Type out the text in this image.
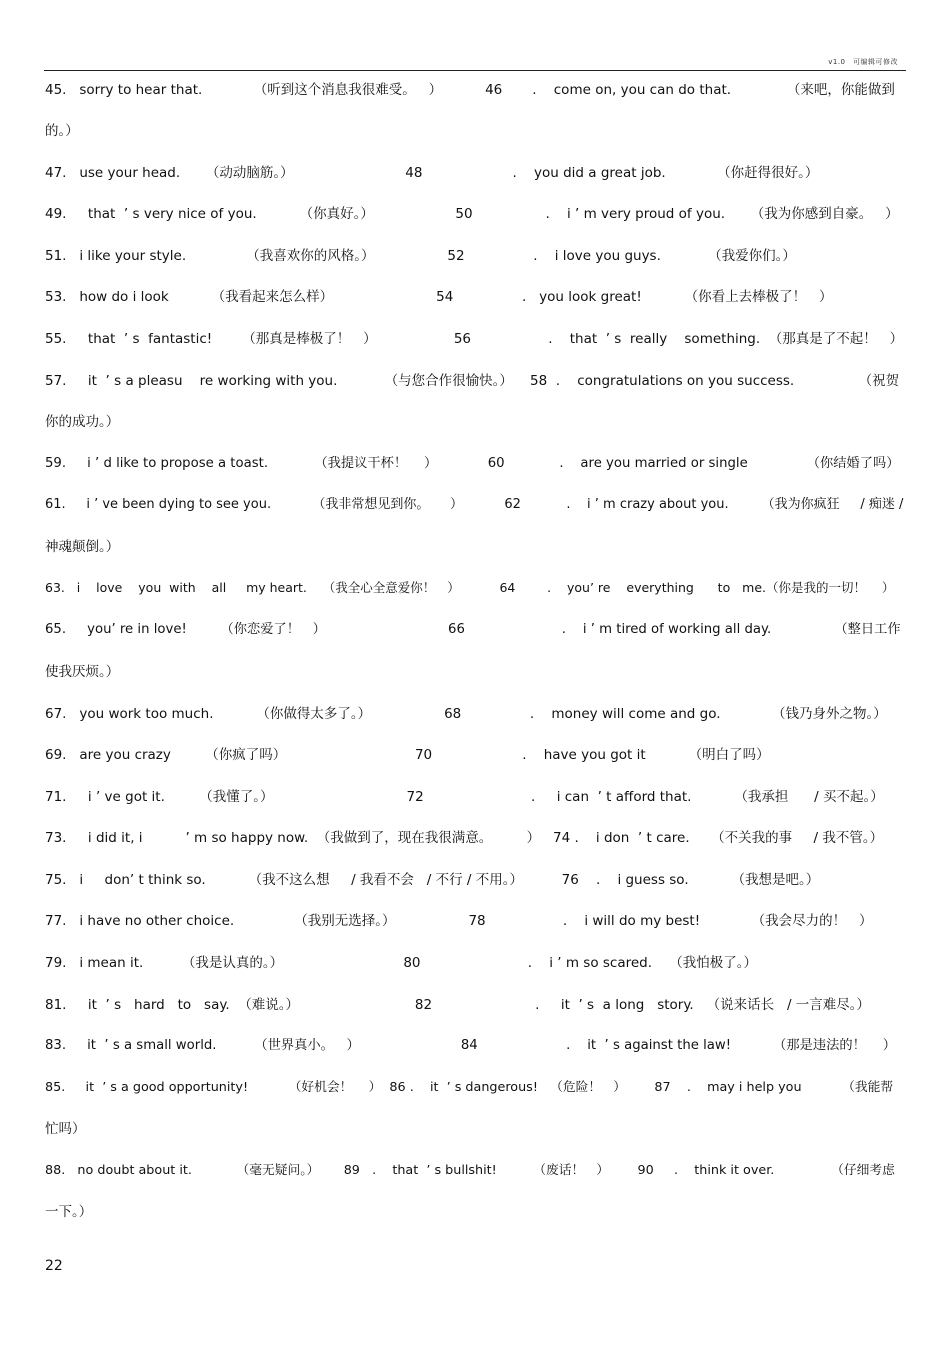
v1.0　可编辑可修改
45.   sorry to hear that.            （听到这个消息我很难受。   ）          46       .    come on, you can do that.             （来吧，你能做到
的。）
47.   use your head.      （动动脑筋。）                          48                     .    you did a great job.            （你赶得很好。）
49.     that  ’ s very nice of you.          （你真好。）                   50                 .    i ’ m very proud of you.      （我为你感到自豪。   ）
51.   i like your style.              （我喜欢你的风格。）                 52                .    i love you guys.           （我爱你们。）
53.   how do i look          （我看起来怎么样）                        54                .   you look great!          （你看上去棒极了！   ）
55.     that  ’ s  fantastic!       （那真是棒极了！   ）                  56                  .    that  ’ s  really    something.  （那真是了不起！   ）
57.     it  ’ s a pleasu    re working with you.           （与您合作很愉快。）    58  .    congratulations on you success.               （祝贺
你的成功。）
59.     i ’ d like to propose a toast.           （我提议干杯！    ）            60             .    are you married or single              （你结婚了吗）
61.     i ’ ve been dying to see you.          （我非常想见到你。     ）          62           .    i ’ m crazy about you.        （我为你疯狂     / 痴迷 /
神魂颠倒。）
63.   i    love    you  with    all     my heart.    （我全心全意爱你！   ）          64        .    you’ re    everything      to   me.（你是我的一切！    ）
65.     you’ re in love!        （你恋爱了！   ）                             66                       .    i ’ m tired of working all day.               （整日工作
使我厌烦。）
67.   you work too much.          （你做得太多了。）                 68                .    money will come and go.            （钱乃身外之物。）
69.   are you crazy        （你疯了吗）                              70                     .    have you got it          （明白了吗）
71.     i ’ ve got it.        （我懂了。）                               72                         .     i can  ’ t afford that.          （我承担      / 买不起。）
73.     i did it, i          ’ m so happy now.  （我做到了，现在我很满意。        ）   74 .    i don  ’ t care.     （不关我的事     / 我不管。）
75.   i     don’ t think so.          （我不这么想     / 我看不会   / 不行 / 不用。）         76    .    i guess so.          （我想是吧。）
77.   i have no other choice.              （我别无选择。）                 78                  .    i will do my best!            （我会尽力的！   ）
79.   i mean it.         （我是认真的。）                            80                         .    i ’ m so scared.    （我怕极了。）
81.     it  ’ s   hard   to   say.  （难说。）                           82                        .     it  ’ s  a long   story.   （说来话长   / 一言难尽。）
83.     it  ’ s a small world.         （世界真小。   ）                        84                     .    it  ’ s against the law!          （那是违法的！    ）
85.     it  ’ s a good opportunity!          （好机会！    ）  86 .    it  ’ s dangerous!   （危险！   ）       87    .    may i help you          （我能帮
忙吗）
88.   no doubt about it.           （毫无疑问。）      89   .    that  ’ s bullshit!         （废话！   ）       90     .    think it over.              （仔细考虑
一下。）
22
